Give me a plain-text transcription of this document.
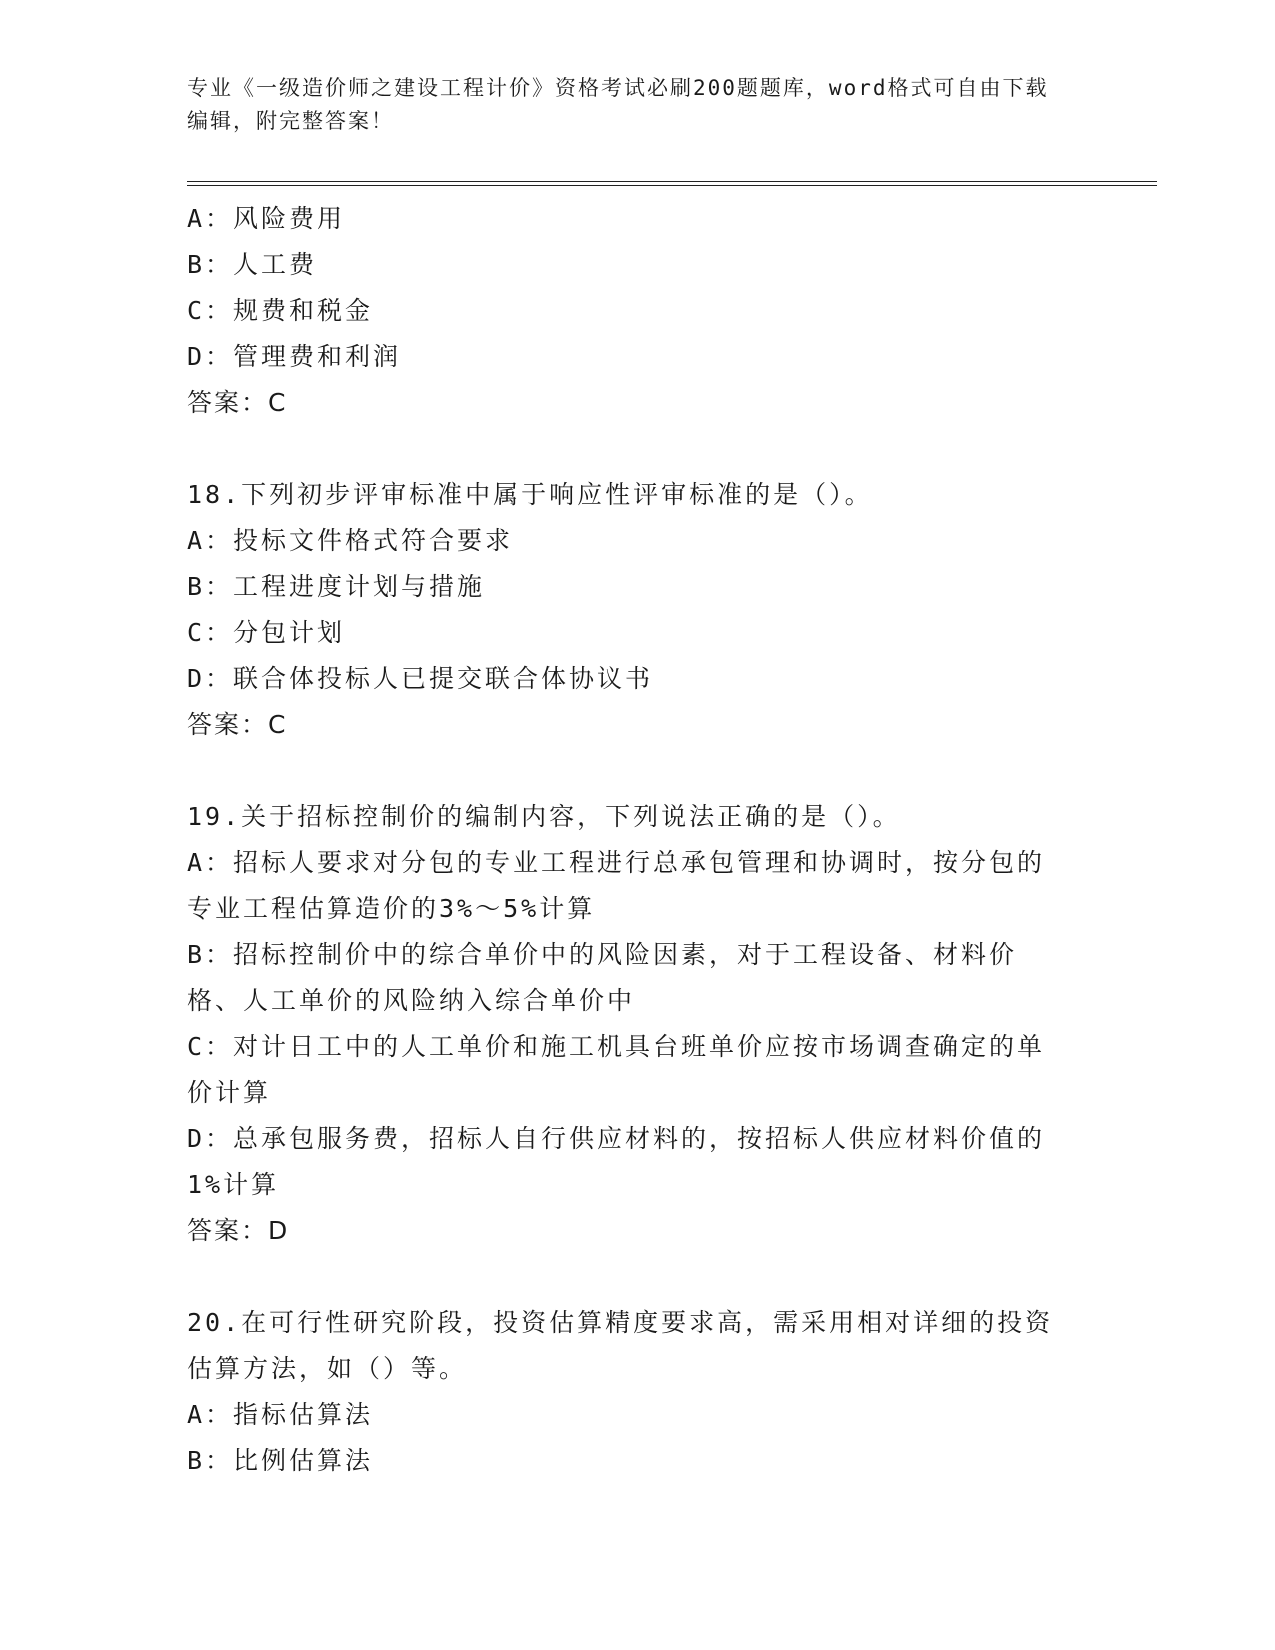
专业《一级造价师之建设工程计价》资格考试必刷200题题库，word格式可自由下载编辑，附完整答案！
A：风险费用
B：人工费
C：规费和税金
D：管理费和利润
答案：C
18.下列初步评审标准中属于响应性评审标准的是（）。
A：投标文件格式符合要求
B：工程进度计划与措施
C：分包计划
D：联合体投标人已提交联合体协议书
答案：C
19.关于招标控制价的编制内容，下列说法正确的是（）。
A：招标人要求对分包的专业工程进行总承包管理和协调时，按分包的专业工程估算造价的3%～5%计算
B：招标控制价中的综合单价中的风险因素，对于工程设备、材料价格、人工单价的风险纳入综合单价中
C：对计日工中的人工单价和施工机具台班单价应按市场调查确定的单价计算
D：总承包服务费，招标人自行供应材料的，按招标人供应材料价值的1%计算
答案：D
20.在可行性研究阶段，投资估算精度要求高，需采用相对详细的投资估算方法，如（）等。
A：指标估算法
B：比例估算法
